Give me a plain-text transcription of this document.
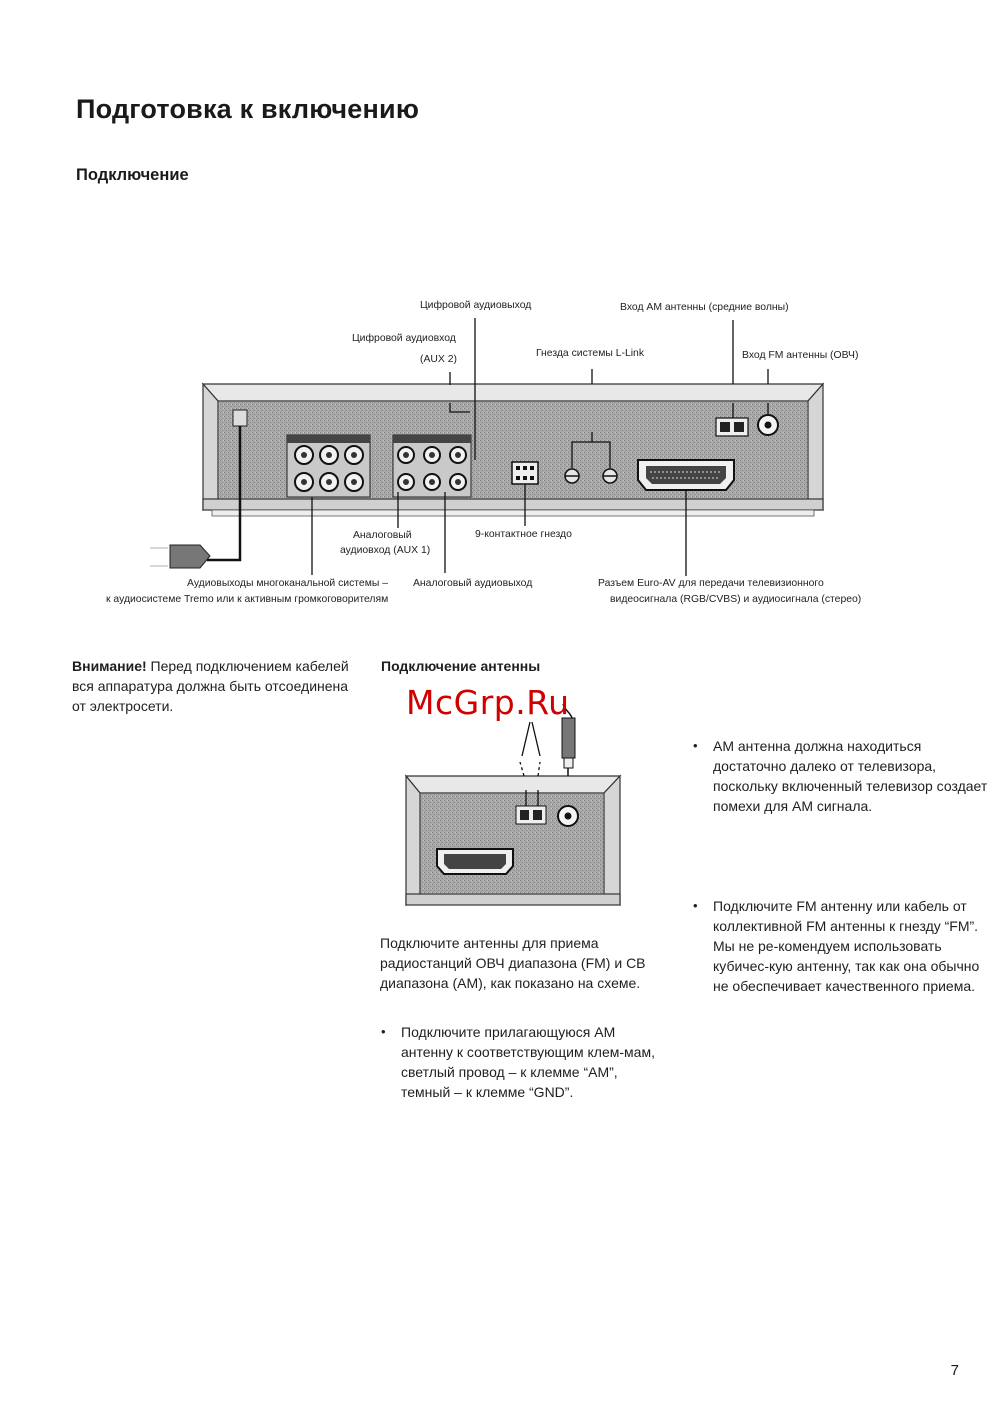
Подготовка к включению
Подключение
Цифровой аудиовыход
Цифровой аудиовход
(AUX 2)
Гнезда системы L-Link
Вход AM антенны (средние волны)
Вход FM антенны (ОВЧ)
Аналоговый
аудиовход (AUX 1)
9-контактное гнездо
Аудиовыходы многоканальной системы –
к аудиосистеме Tremo или к активным громкоговорителям
Аналоговый аудиовыход	Разъем Euro-AV для передачи телевизионного
видеосигнала (RGB/CVBS) и аудиосигнала (стерео)
Внимание! Перед подключением кабелей вся аппаратура должна быть отсоединена от электросети.
Подключение антенны
McGrp.Ru
Подключите антенны для приема радиостанций ОВЧ диапазона (FM) и СВ диапазона (AM), как показано на схеме.
• Подключите прилагающуюся AM антенну к соответствующим клем-мам, светлый провод – к клемме “AM”, темный – к клемме “GND”.
• AM антенна должна находиться достаточно далеко от телевизора, поскольку включенный телевизор создает помехи для AM сигнала.
• Подключите FM антенну или кабель от коллективной FM антенны к гнезду “FM”. Мы не ре-комендуем использовать кубичес-кую антенну, так как она обычно не обеспечивает качественного приема.
7
